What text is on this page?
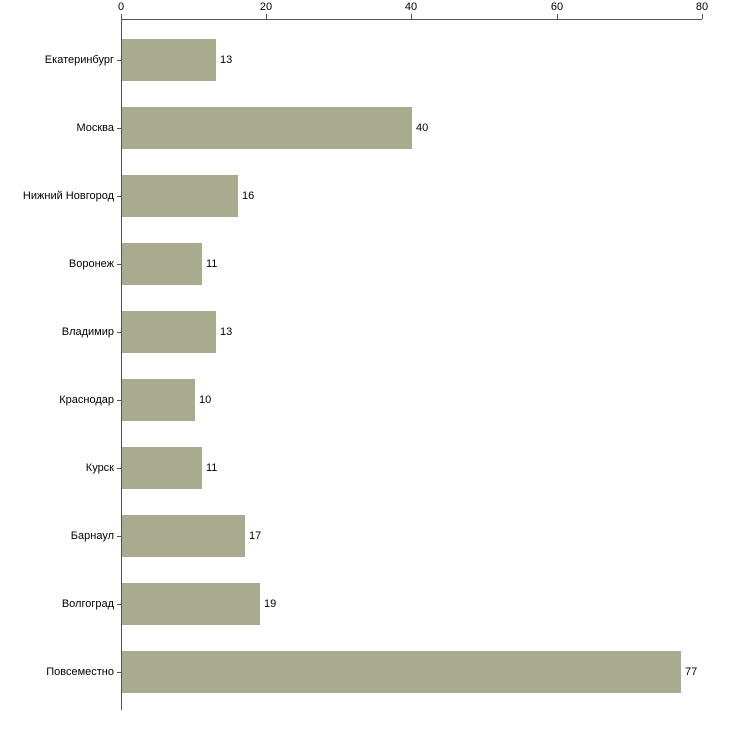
0	20	40	60	80
Екатеринбург	13
Москва	40
Нижний Новгород	16
Воронеж	11
Владимир	13
Краснодар	10
Курск	11
Барнаул	17
Волгоград	19
Повсеместно	77
